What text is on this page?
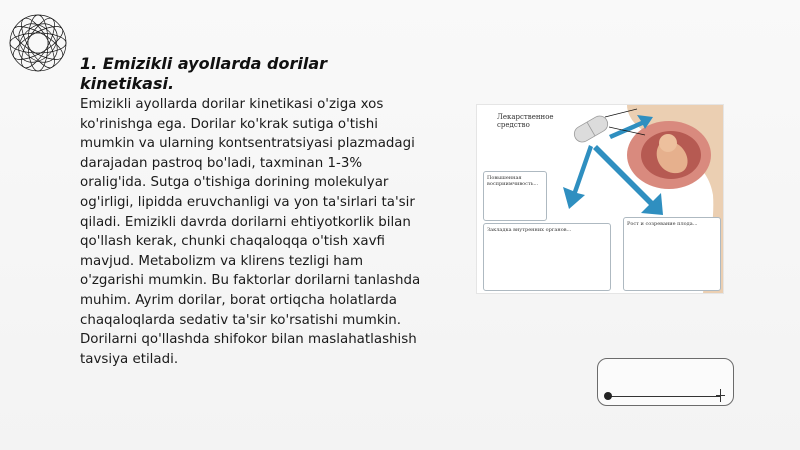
1. Emizikli ayollarda dorilar kinetikasi.

Emizikli ayollarda dorilar kinetikasi o'ziga xos ko'rinishga ega. Dorilar ko'krak sutiga o'tishi mumkin va ularning kontsentratsiyasi plazmadagi darajadan pastroq bo'ladi, taxminan 1-3% oralig'ida. Sutga o'tishiga dorining molekulyar og'irligi, lipidda eruvchanligi va yon ta'sirlari ta'sir qiladi. Emizikli davrda dorilarni ehtiyotkorlik bilan qo'llash kerak, chunki chaqaloqqa o'tish xavfi mavjud. Metabolizm va klirens tezligi ham o'zgarishi mumkin. Bu faktorlar dorilarni tanlashda muhim. Ayrim dorilar, borat ortiqcha holatlarda chaqaloqlarda sedativ ta'sir ko'rsatishi mumkin. Dorilarni qo'llashda shifokor bilan maslahatlashish tavsiya etiladi.

Лекарственное средство
Повышенная восприимчивость...
Закладка внутренних органов...
Рост и созревание плода...
